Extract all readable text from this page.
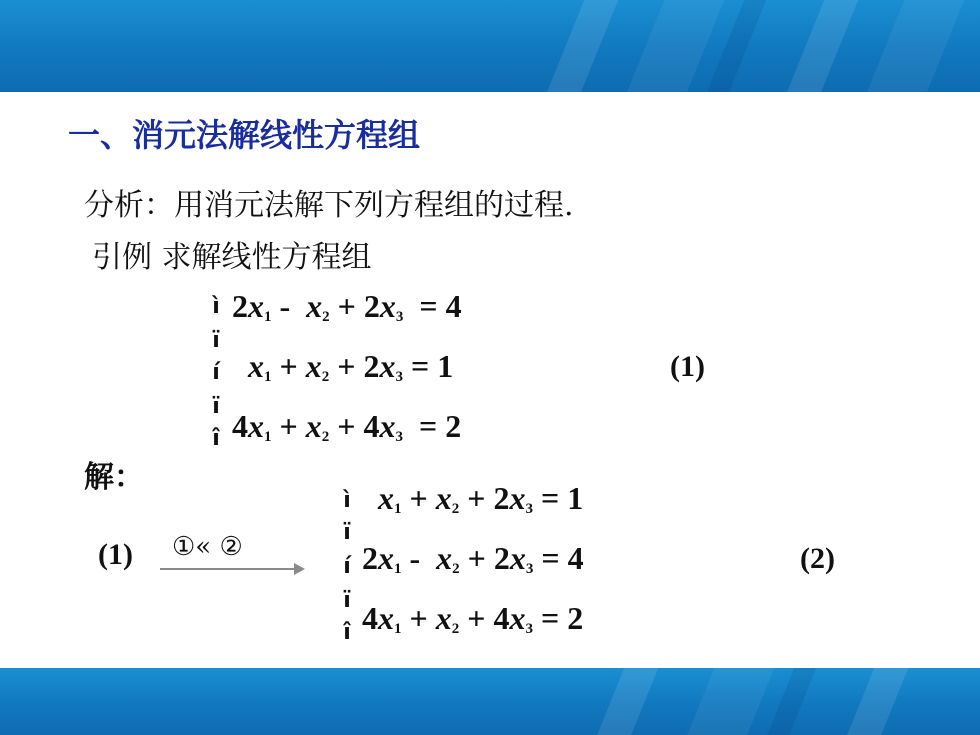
一、消元法解线性方程组
分析：用消元法解下列方程组的过程.
引例 求解线性方程组
ì
ï
í
ï
î
$2x_1 - x_2 + 2x_3 = 4$
$x_1 + x_2 + 2x_3 = 1$
$4x_1 + x_2 + 4x_3 = 2$
(1)
解：
(1) ①« ②
ì
ï
í
ï
î
$x_1 + x_2 + 2x_3 = 1$
$2x_1 - x_2 + 2x_3 = 4$
$4x_1 + x_2 + 4x_3 = 2$
(2)
